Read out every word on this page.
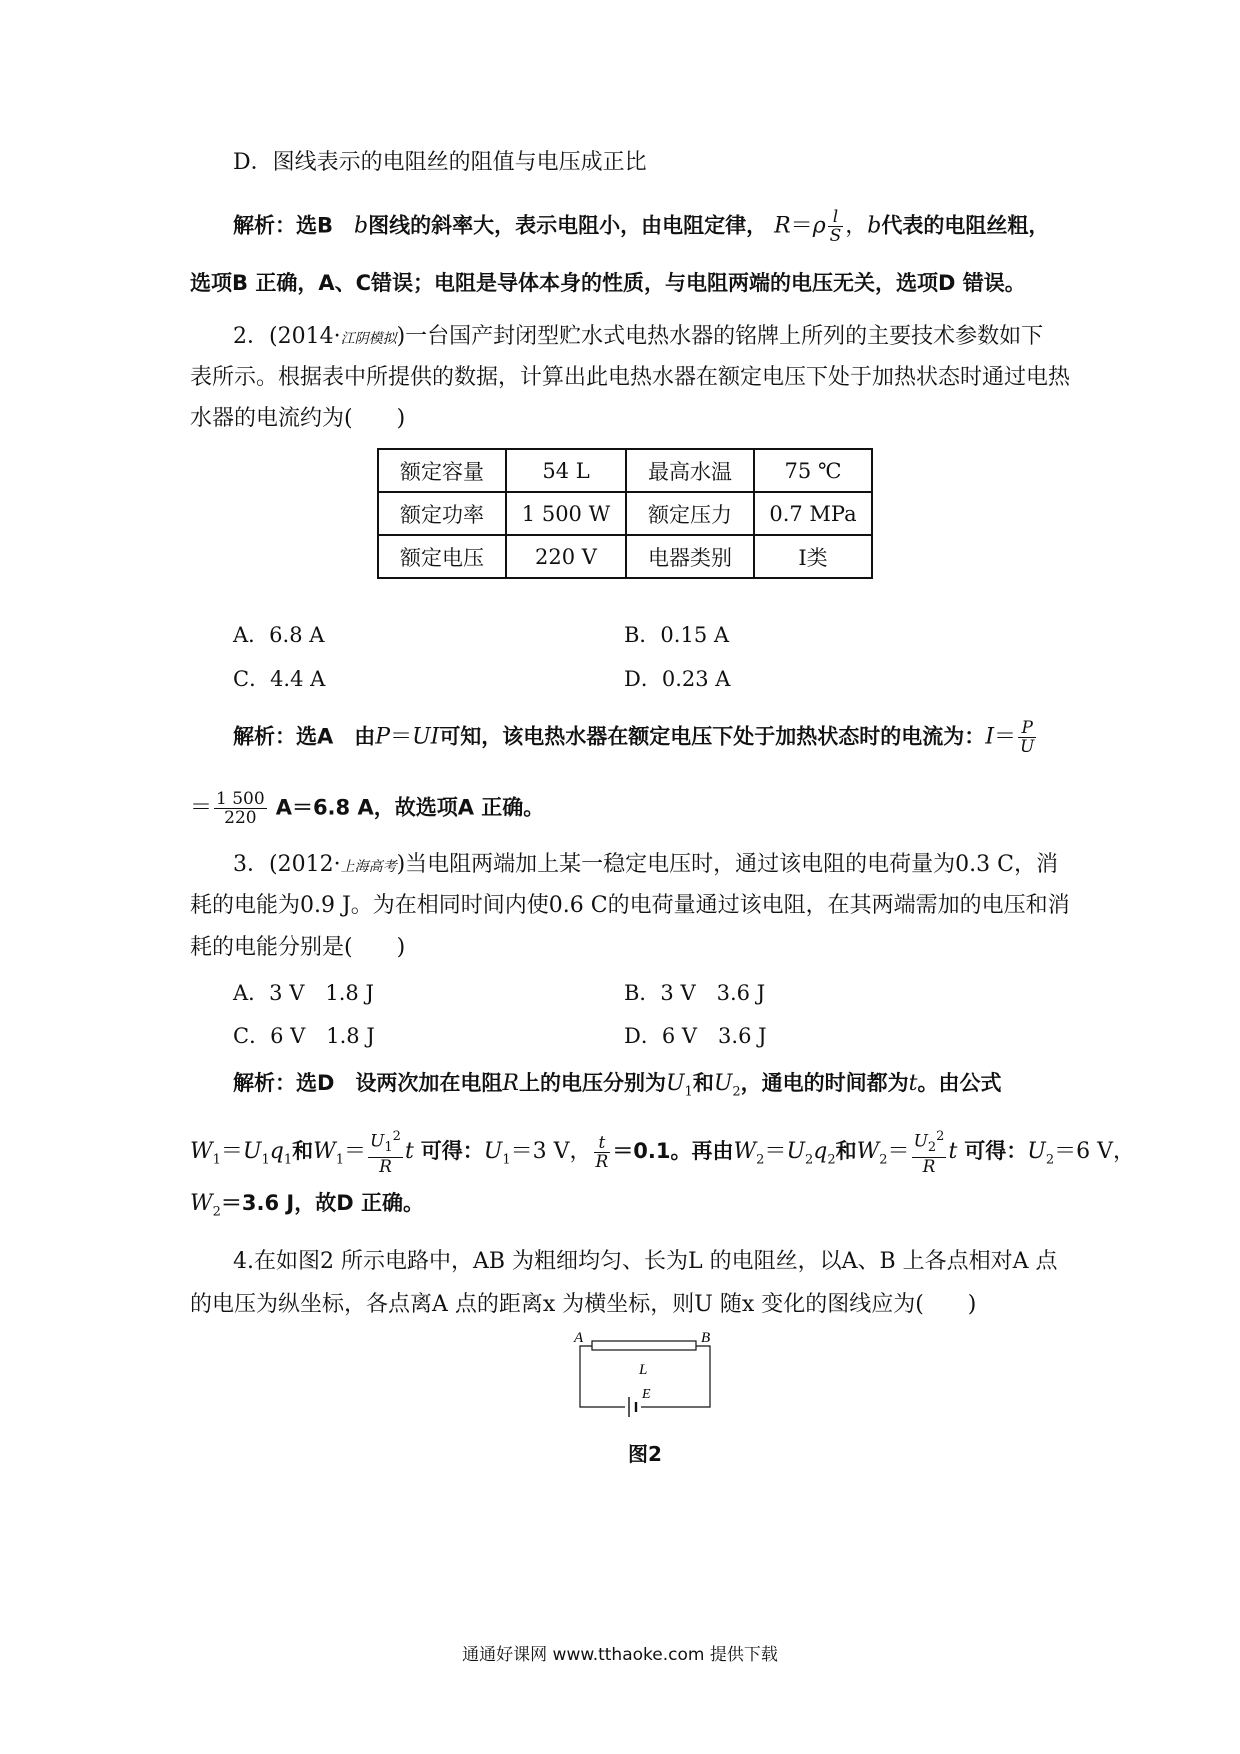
D．图线表示的电阻丝的阻值与电压成正比
解析：选B b图线的斜率大，表示电阻小，由电阻定律， $R=\rho \frac{l}{S}$ ，b代表的电阻丝粗，
选项B 正确，A、C错误；电阻是导体本身的性质，与电阻两端的电压无关，选项D 错误。
2．(2014·江阴模拟)一台国产封闭型贮水式电热水器的铭牌上所列的主要技术参数如下
表所示。根据表中所提供的数据，计算出此电热水器在额定电压下处于加热状态时通过电热
水器的电流约为(　　)
额定容量	54 L	最高水温	75 ℃
额定功率	1 500 W	额定压力	0.7 MPa
额定电压	220 V	电器类别	Ⅰ类
A．6.8 A	B．0.15 A
C．4.4 A	D．0.23 A
解析：选A 由P＝UI可知，该电热水器在额定电压下处于加热状态时的电流为：$I= \frac{P}{U}$
＝ $\frac{1 500}{220} A=6.8$ A，故选项A 正确。
3．(2012·上海高考)当电阻两端加上某一稳定电压时，通过该电阻的电荷量为0.3 C，消
耗的电能为0.9 J。为在相同时间内使0.6 C的电荷量通过该电阻，在其两端需加的电压和消
耗的电能分别是(　　)
A．3 V　1.8 J	B．3 V　3.6 J
C．6 V　1.8 J	D．6 V　3.6 J
解析：选D 设两次加在电阻R上的电压分别为$U_1$和$U_2$，通电的时间都为t。由公式
$W_1=U_1q_1$和$W_1= \frac{U_1^2}{R}$ t 可得：$U_1=3$ V， $\frac{t}{R} =0.1$。再由$W_2=U_2q_2$和$W_2= \frac{U_2^2}{R}$ t 可得：$U_2=6$ V，
$W_2=3.6$ J，故D 正确。
4.在如图2 所示电路中，AB 为粗细均匀、长为L 的电阻丝，以A、B 上各点相对A 点
的电压为纵坐标，各点离A 点的距离x 为横坐标，则U 随x 变化的图线应为(　　)
A	B
L
E
图2
通通好课网 www.tthaoke.com 提供下载
